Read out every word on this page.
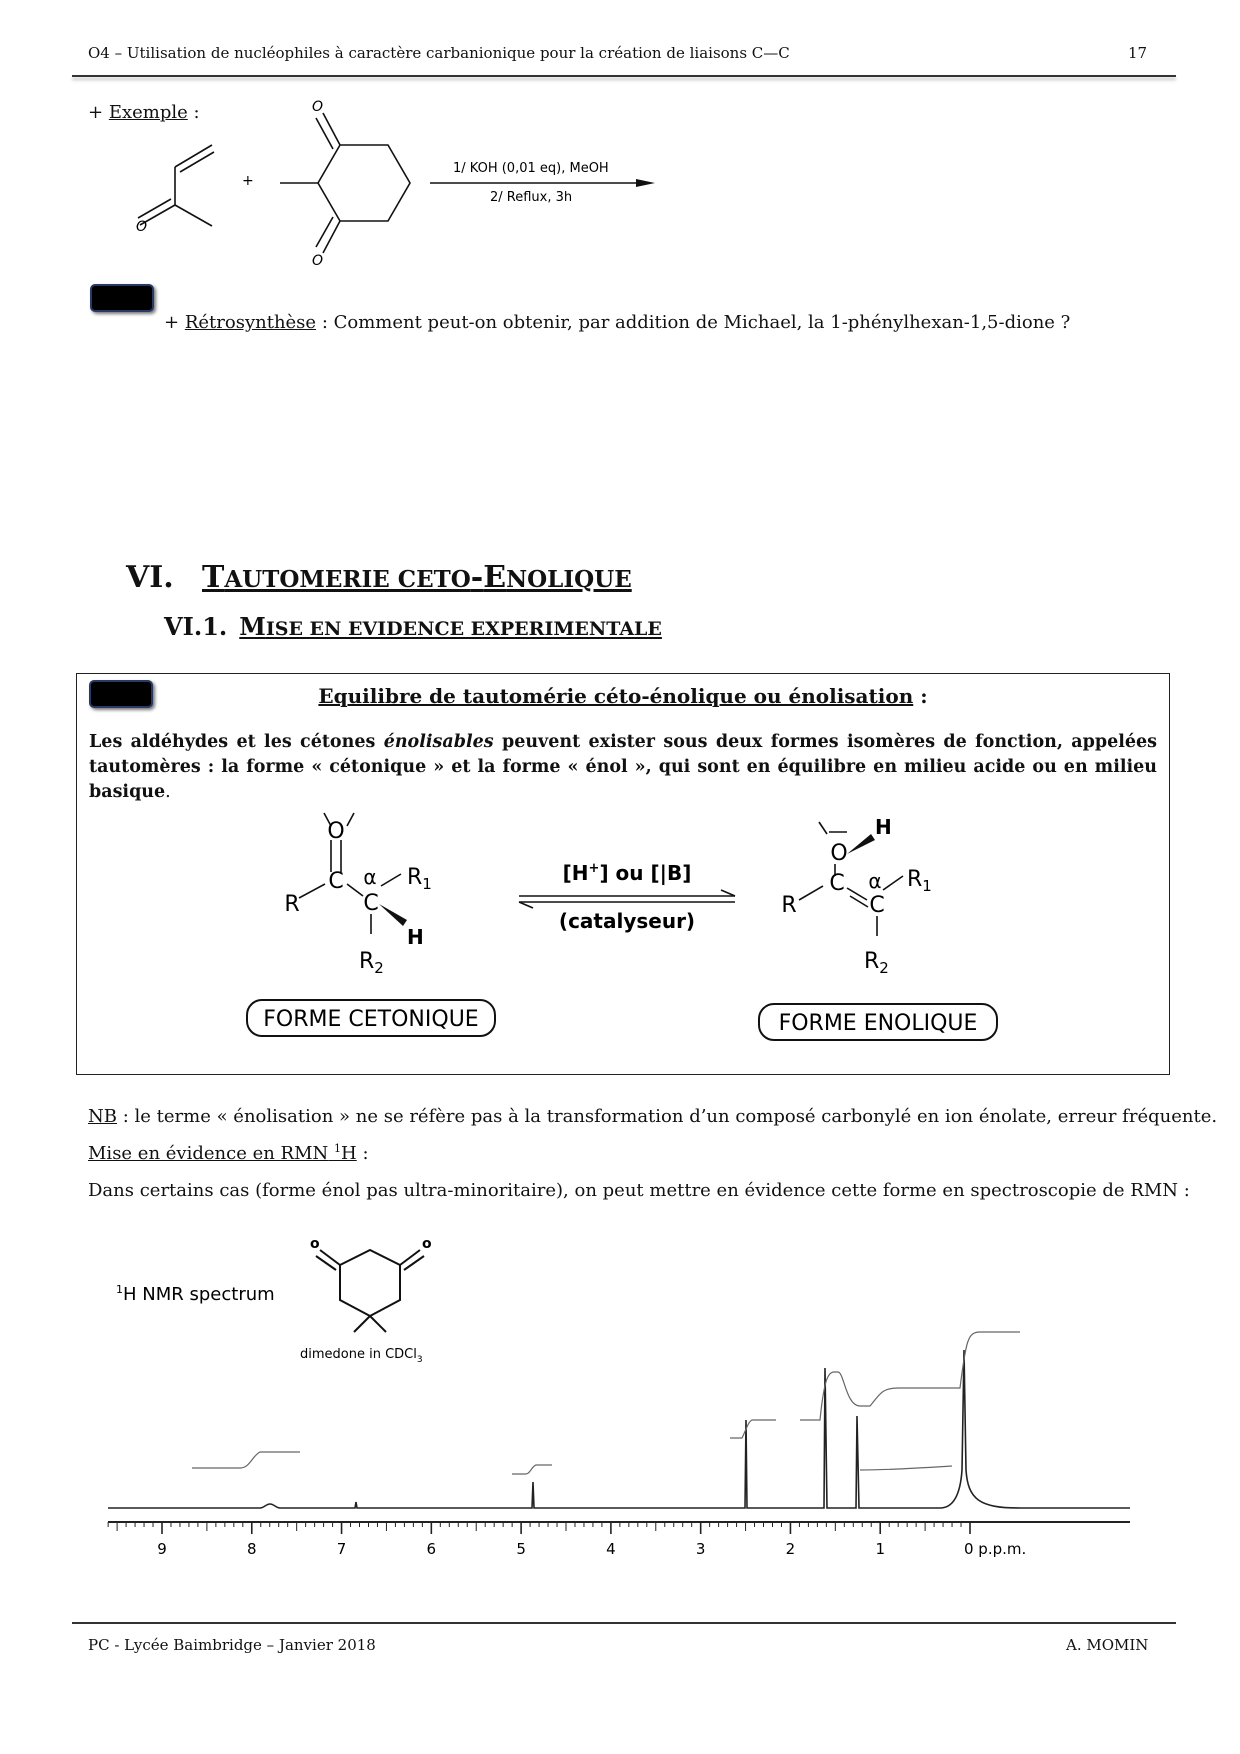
O4 – Utilisation de nucléophiles à caractère carbanionique pour la création de liaisons C—C	17
+ Exemple :
O
O
O
+
1/ KOH (0,01 eq), MeOH
2/ Reflux, 3h
+ Rétrosynthèse : Comment peut-on obtenir, par addition de Michael, la 1-phénylhexan-1,5-dione ?
VI. TAUTOMERIE CETO-ENOLIQUE
VI.1. MISE EN EVIDENCE EXPERIMENTALE
Equilibre de tautomérie céto-énolique ou énolisation :
Les aldéhydes et les cétones énolisables peuvent exister sous deux formes isomères de fonction, appelées tautomères : la forme « cétonique » et la forme « énol », qui sont en équilibre en milieu acide ou en milieu basique.
O
C
C
R
α $R_1$
H
$R_2$
FORME CETONIQUE
[H+] ou [|B]
(catalyseur)
O
H
C
C
R
α $R_1$
$R_2$
FORME ENOLIQUE
NB : le terme « énolisation » ne se réfère pas à la transformation d’un composé carbonylé en ion énolate, erreur fréquente.
Mise en évidence en RMN $^1$H :
Dans certains cas (forme énol pas ultra-minoritaire), on peut mettre en évidence cette forme en spectroscopie de RMN :
$^1$H NMR spectrum
o	o
dimedone in CDCl$_3$
9	8	7	6	5	4	3	2	1	0 p.p.m.
PC - Lycée Baimbridge – Janvier 2018	A. MOMIN
